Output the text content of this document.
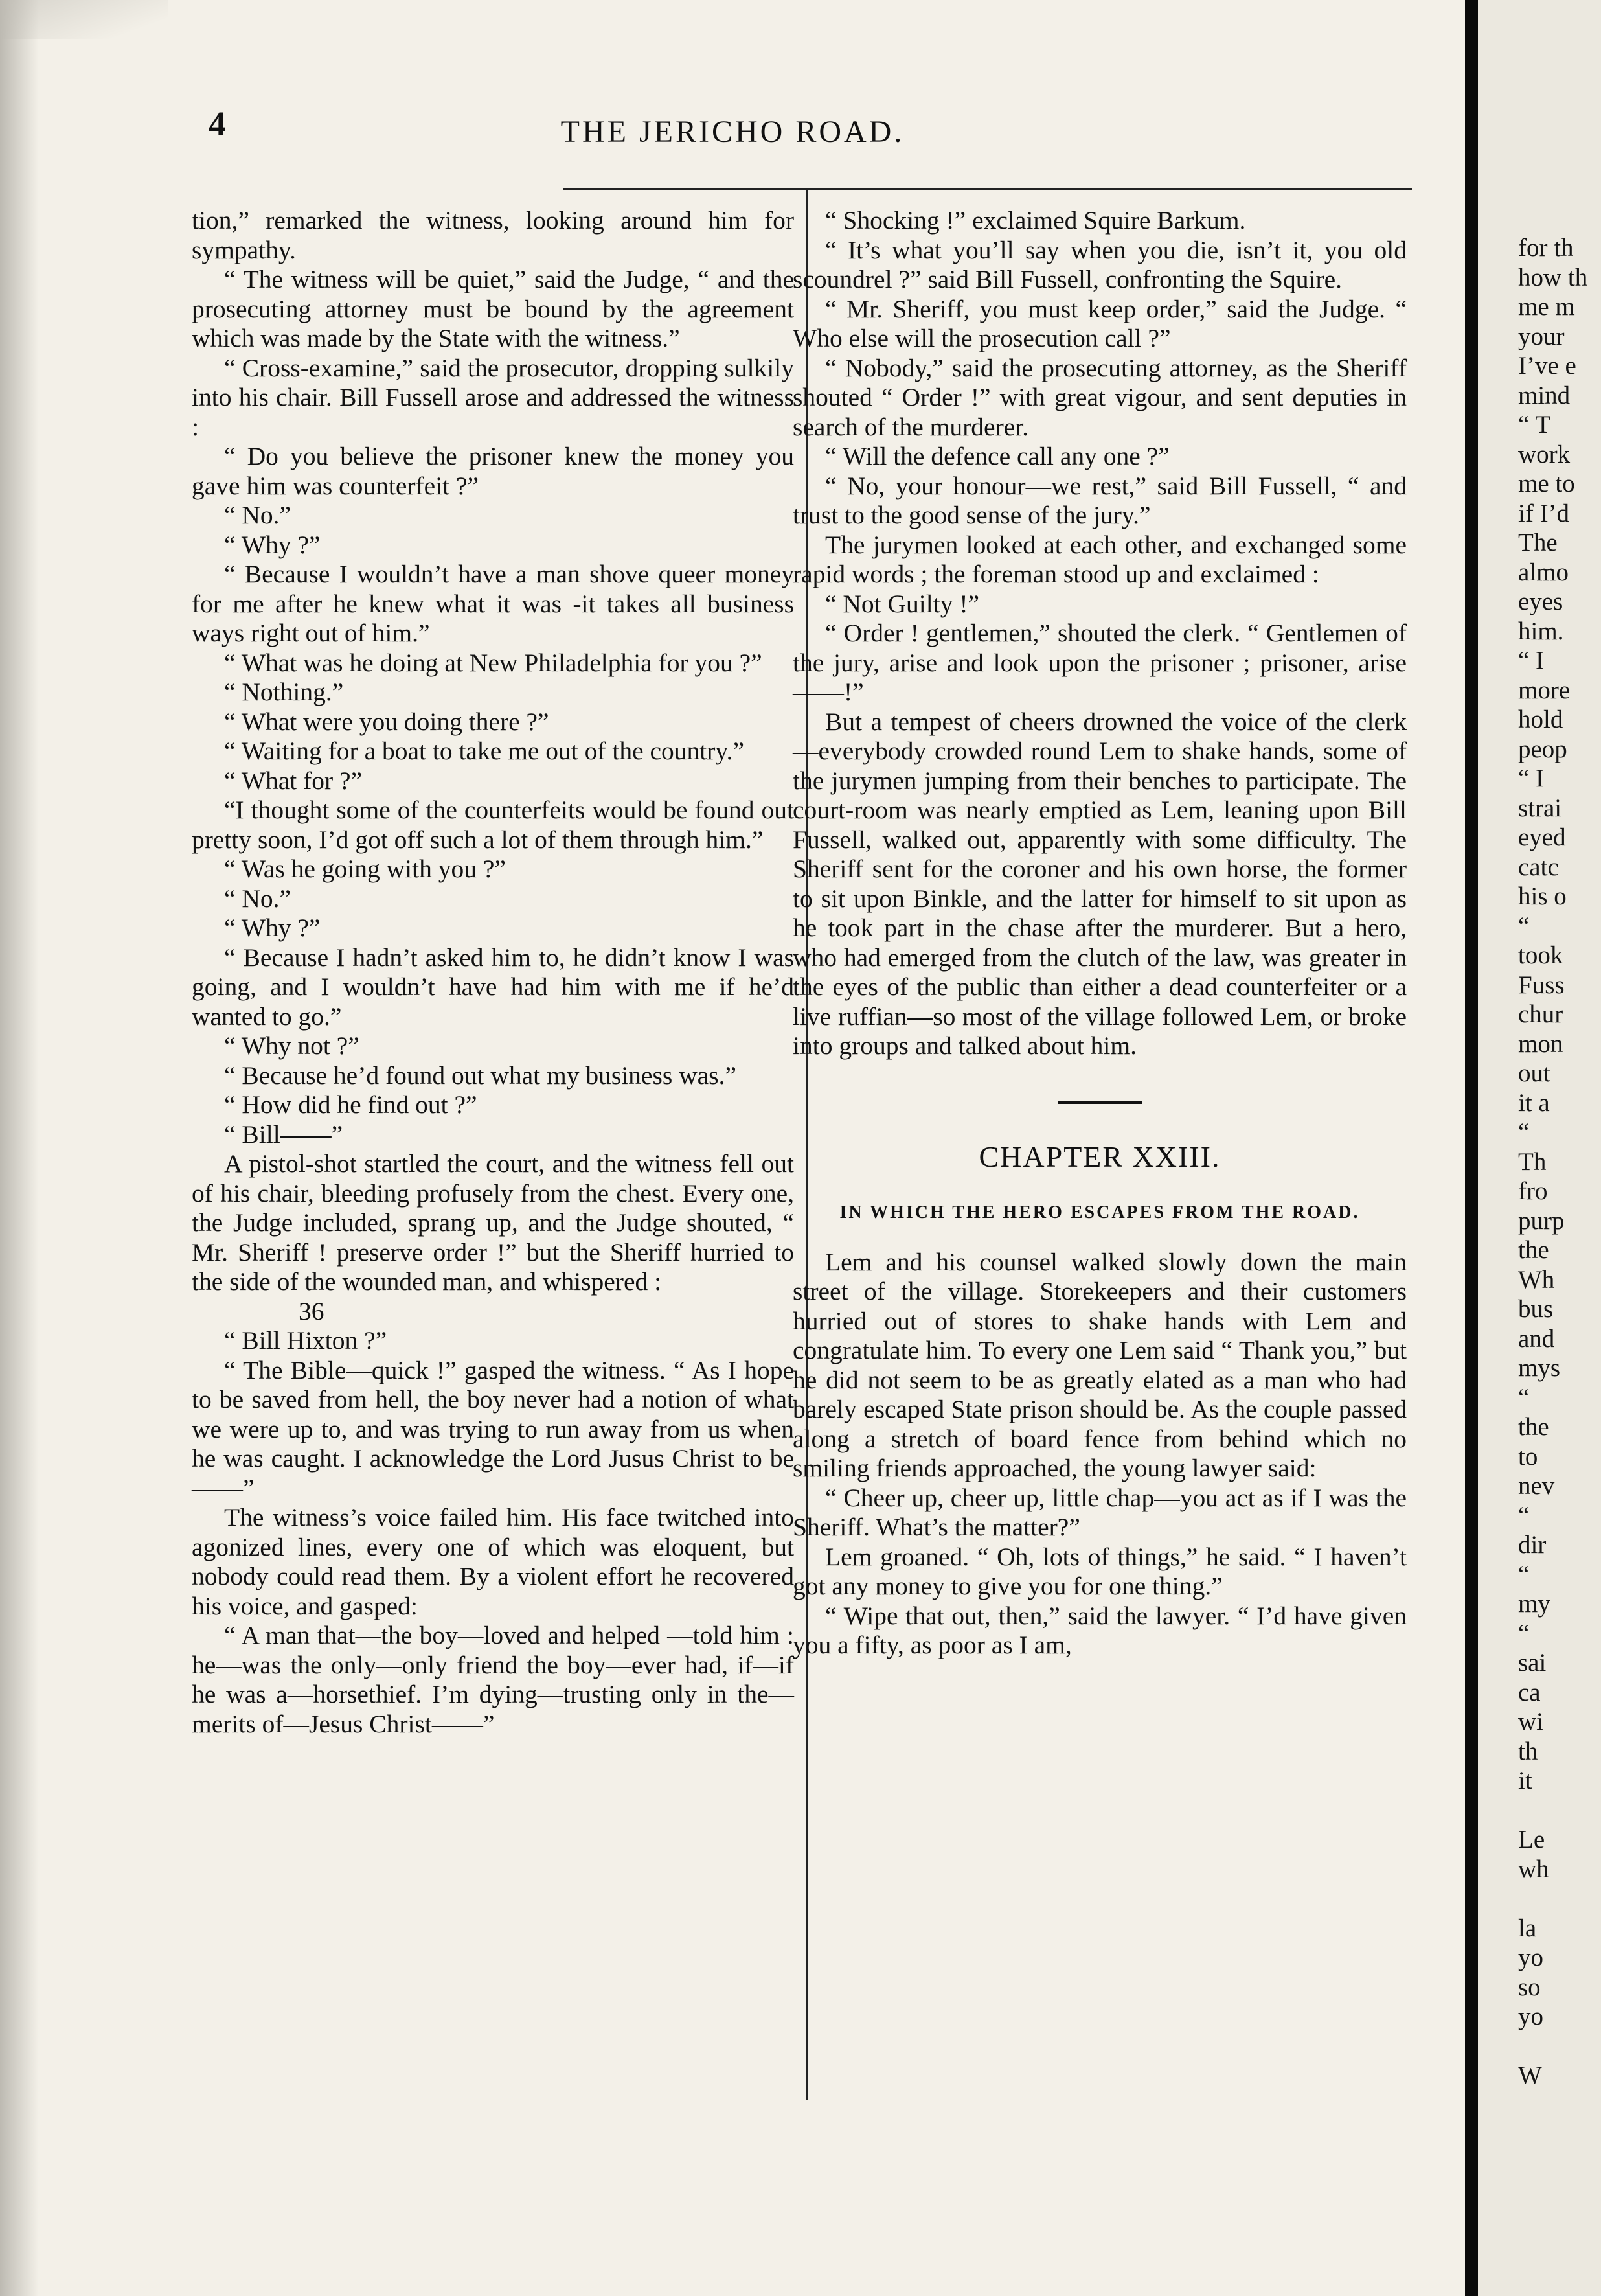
4	THE JERICHO ROAD.

tion,” remarked the witness, looking around him for sympathy.

“ The witness will be quiet,” said the Judge, “ and the prosecuting attorney must be bound by the agreement which was made by the State with the witness.”

“ Cross-examine,” said the prosecutor, dropping sulkily into his chair. Bill Fussell arose and addressed the witness :

“ Do you believe the prisoner knew the money you gave him was counterfeit ?”

“ No.”

“ Why ?”

“ Because I wouldn’t have a man shove queer money for me after he knew what it was -it takes all business ways right out of him.”

“ What was he doing at New Philadelphia for you ?”

“ Nothing.”

“ What were you doing there ?”

“ Waiting for a boat to take me out of the country.”

“ What for ?”

“I thought some of the counterfeits would be found out pretty soon, I’d got off such a lot of them through him.”

“ Was he going with you ?”

“ No.”

“ Why ?”

“ Because I hadn’t asked him to, he didn’t know I was going, and I wouldn’t have had him with me if he’d wanted to go.”

“ Why not ?”

“ Because he’d found out what my business was.”

“ How did he find out ?”

“ Bill——”

A pistol-shot startled the court, and the witness fell out of his chair, bleeding profusely from the chest. Every one, the Judge included, sprang up, and the Judge shouted, “ Mr. Sheriff ! preserve order !” but the Sheriff hurried to the side of the wounded man, and whispered :

36

“ Bill Hixton ?”

“ The Bible—quick !” gasped the witness. “ As I hope to be saved from hell, the boy never had a notion of what we were up to, and was trying to run away from us when he was caught. I acknowledge the Lord Jusus Christ to be——”

The witness’s voice failed him. His face twitched into agonized lines, every one of which was eloquent, but nobody could read them. By a violent effort he recovered his voice, and gasped:

“ A man that—the boy—loved and helped —told him : he—was the only—only friend the boy—ever had, if—if he was a—horsethief. I’m dying—trusting only in the—merits of—Jesus Christ——”

“ Shocking !” exclaimed Squire Barkum.

“ It’s what you’ll say when you die, isn’t it, you old scoundrel ?” said Bill Fussell, confronting the Squire.

“ Mr. Sheriff, you must keep order,” said the Judge. “ Who else will the prosecution call ?”

“ Nobody,” said the prosecuting attorney, as the Sheriff shouted “ Order !” with great vigour, and sent deputies in search of the murderer.

“ Will the defence call any one ?”

“ No, your honour—we rest,” said Bill Fussell, “ and trust to the good sense of the jury.”

The jurymen looked at each other, and exchanged some rapid words ; the foreman stood up and exclaimed :

“ Not Guilty !”

“ Order ! gentlemen,” shouted the clerk. “ Gentlemen of the jury, arise and look upon the prisoner ; prisoner, arise——!”

But a tempest of cheers drowned the voice of the clerk—everybody crowded round Lem to shake hands, some of the jurymen jumping from their benches to participate. The court-room was nearly emptied as Lem, leaning upon Bill Fussell, walked out, apparently with some difficulty. The Sheriff sent for the coroner and his own horse, the former to sit upon Binkle, and the latter for himself to sit upon as he took part in the chase after the murderer. But a hero, who had emerged from the clutch of the law, was greater in the eyes of the public than either a dead counterfeiter or a live ruffian—so most of the village followed Lem, or broke into groups and talked about him.

CHAPTER XXIII.
IN WHICH THE HERO ESCAPES FROM THE ROAD.

Lem and his counsel walked slowly down the main street of the village. Storekeepers and their customers hurried out of stores to shake hands with Lem and congratulate him. To every one Lem said “ Thank you,” but he did not seem to be as greatly elated as a man who had barely escaped State prison should be. As the couple passed along a stretch of board fence from behind which no smiling friends approached, the young lawyer said:

“ Cheer up, cheer up, little chap—you act as if I was the Sheriff. What’s the matter?”

Lem groaned. “ Oh, lots of things,” he said. “ I haven’t got any money to give you for one thing.”

“ Wipe that out, then,” said the lawyer. “ I’d have given you a fifty, as poor as I am,

for th
how th
me m
your
I’ve e
mind
“ T
work
me to
if I’d
The
almo
eyes
him.
“ I
more
hold
peop
“ I
strai
eyed
catc
his o
“
took
Fuss
chur
mon
out
it a
“
Th
fro
purp
the
Wh
bus
and
mys
“
the
to
nev
“
dir
“
my
“
sai
ca
wi
th
it
Le
wh
la
yo
so
yo
W
